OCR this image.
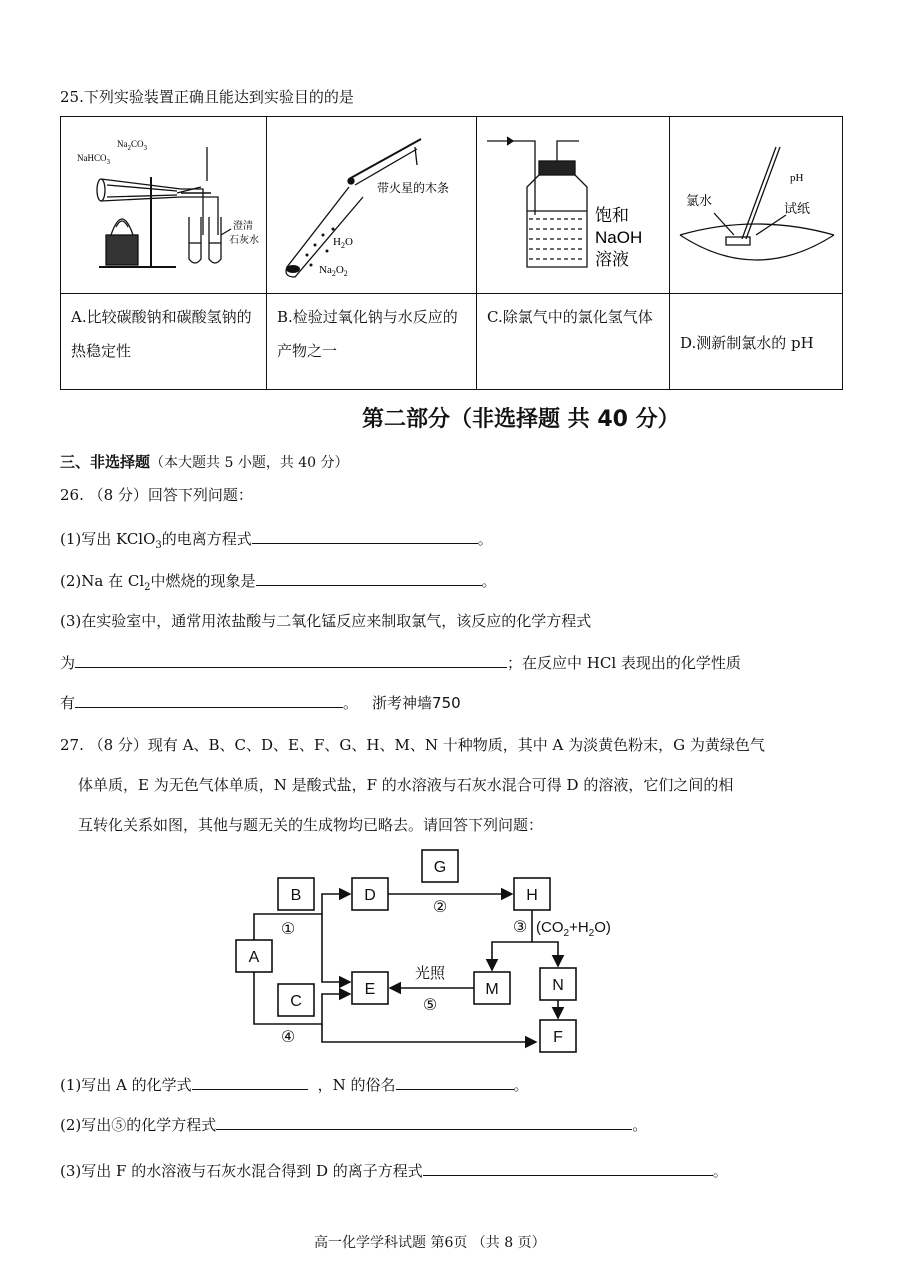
25.下列实验装置正确且能达到实验目的的是
NaHCO$_3$
$Na_2CO_3$
澄清
石灰水	带火星的木条
$H_2O$
$Na_2O_2$	饱和
NaOH
溶液	pH
氯水
试纸

A.比较碳酸钠和碳酸氢钠的热稳定性	B.检验过氧化钠与水反应的产物之一	C.除氯气中的氯化氢气体	D.测新制氯水的 pH
第二部分（非选择题 共 40 分）
三、非选择题（本大题共 5 小题，共 40 分）
26. （8 分）回答下列问题：
(1)写出 KClO$_3$的电离方程式	。
(2)Na 在 $Cl_2$中燃烧的现象是	。
(3)在实验室中，通常用浓盐酸与二氧化锰反应来制取氯气，该反应的化学方程式
为	；在反应中 HCl 表现出的化学性质
有	。 浙考神墙750
27. （8 分）现有 A、B、C、D、E、F、G、H、M、N 十种物质，其中 A 为淡黄色粉末，G 为黄绿色气
体单质，E 为无色气体单质，N 是酸式盐，F 的水溶液与石灰水混合可得 D 的溶液，它们之间的相
互转化关系如图，其他与题无关的生成物均已略去。请回答下列问题：
B	D
G
H
A
C
E	M	N
F
①
②
③
④
⑤
光照
$(CO_2+H_2O)$
(1)写出 A 的化学式	，N 的俗名	。
(2)写出⑤的化学方程式	。
(3)写出 F 的水溶液与石灰水混合得到 D 的离子方程式	。
高一化学学科试题 第6页 （共 8 页）
